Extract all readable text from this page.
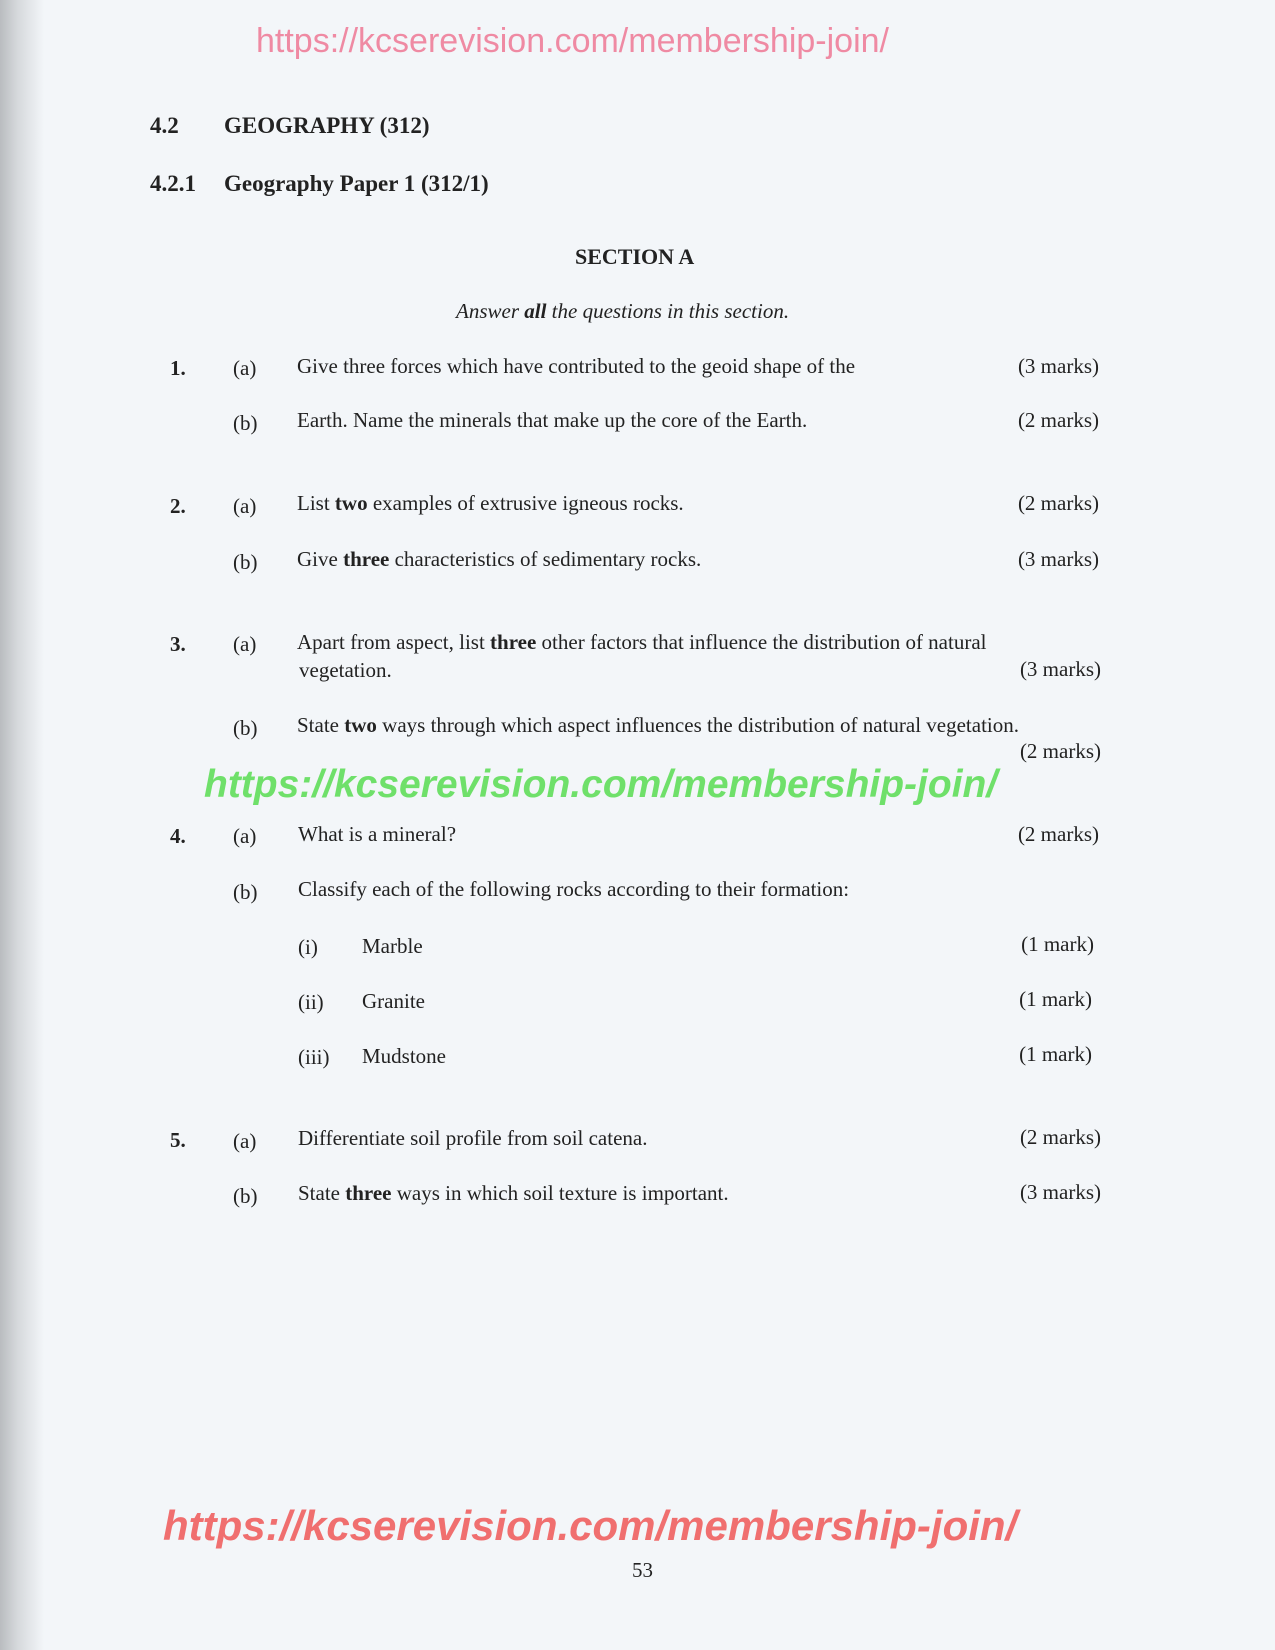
https://kcserevision.com/membership-join/
4.2 GEOGRAPHY (312)
4.2.1 Geography Paper 1 (312/1)
SECTION A
Answer all the questions in this section.
1. (a) Give three forces which have contributed to the geoid shape of the	(3 marks)
(b) Earth. Name the minerals that make up the core of the Earth.	(2 marks)
2. (a) List two examples of extrusive igneous rocks.	(2 marks)
(b) Give three characteristics of sedimentary rocks.	(3 marks)
3. (a) Apart from aspect, list three other factors that influence the distribution of natural
vegetation.	(3 marks)
(b) State two ways through which aspect influences the distribution of natural vegetation.
(2 marks)
https://kcserevision.com/membership-join/
4. (a) What is a mineral?	(2 marks)
(b) Classify each of the following rocks according to their formation:
(i) Marble	(1 mark)
(ii) Granite	(1 mark)
(iii) Mudstone	(1 mark)
5. (a) Differentiate soil profile from soil catena.	(2 marks)
(b) State three ways in which soil texture is important.	(3 marks)
53
https://kcserevision.com/membership-join/
